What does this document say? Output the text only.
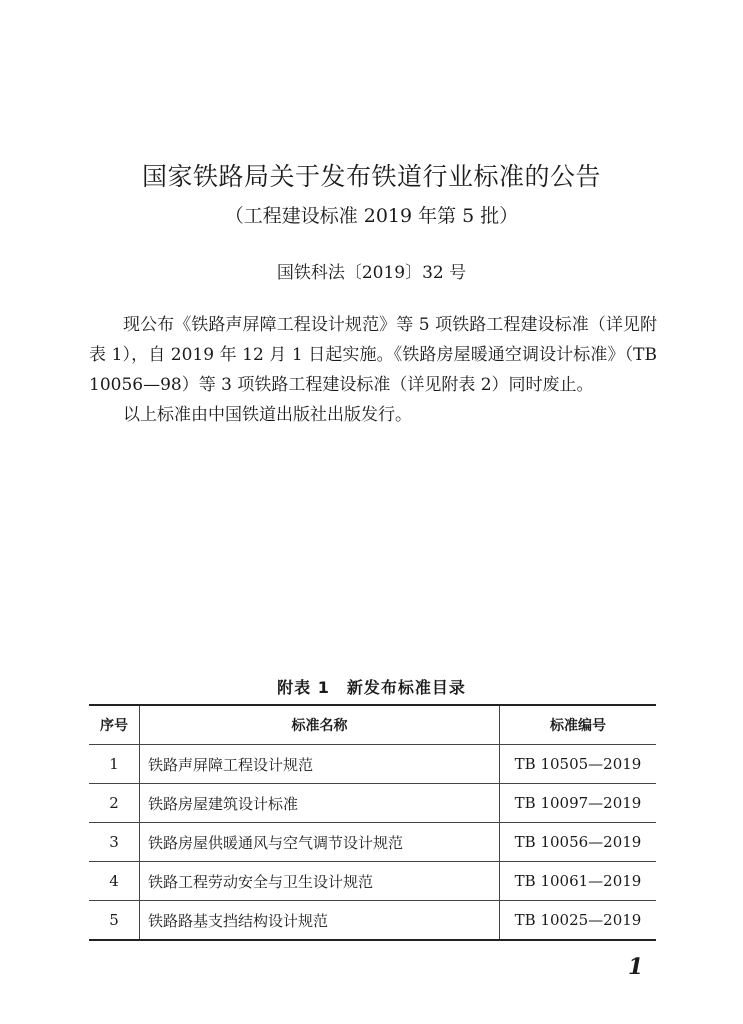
国家铁路局关于发布铁道行业标准的公告
（工程建设标准 2019 年第 5 批）
国铁科法〔2019〕32 号

现公布《铁路声屏障工程设计规范》等 5 项铁路工程建设标准（详见附表 1），自 2019 年 12 月 1 日起实施。《铁路房屋暖通空调设计标准》（TB 10056—98）等 3 项铁路工程建设标准（详见附表 2）同时废止。

以上标准由中国铁道出版社出版发行。

附表 1　新发布标准目录
序号	标准名称	标准编号
1	铁路声屏障工程设计规范	TB 10505—2019
2	铁路房屋建筑设计标准	TB 10097—2019
3	铁路房屋供暖通风与空气调节设计规范	TB 10056—2019
4	铁路工程劳动安全与卫生设计规范	TB 10061—2019
5	铁路路基支挡结构设计规范	TB 10025—2019
1
